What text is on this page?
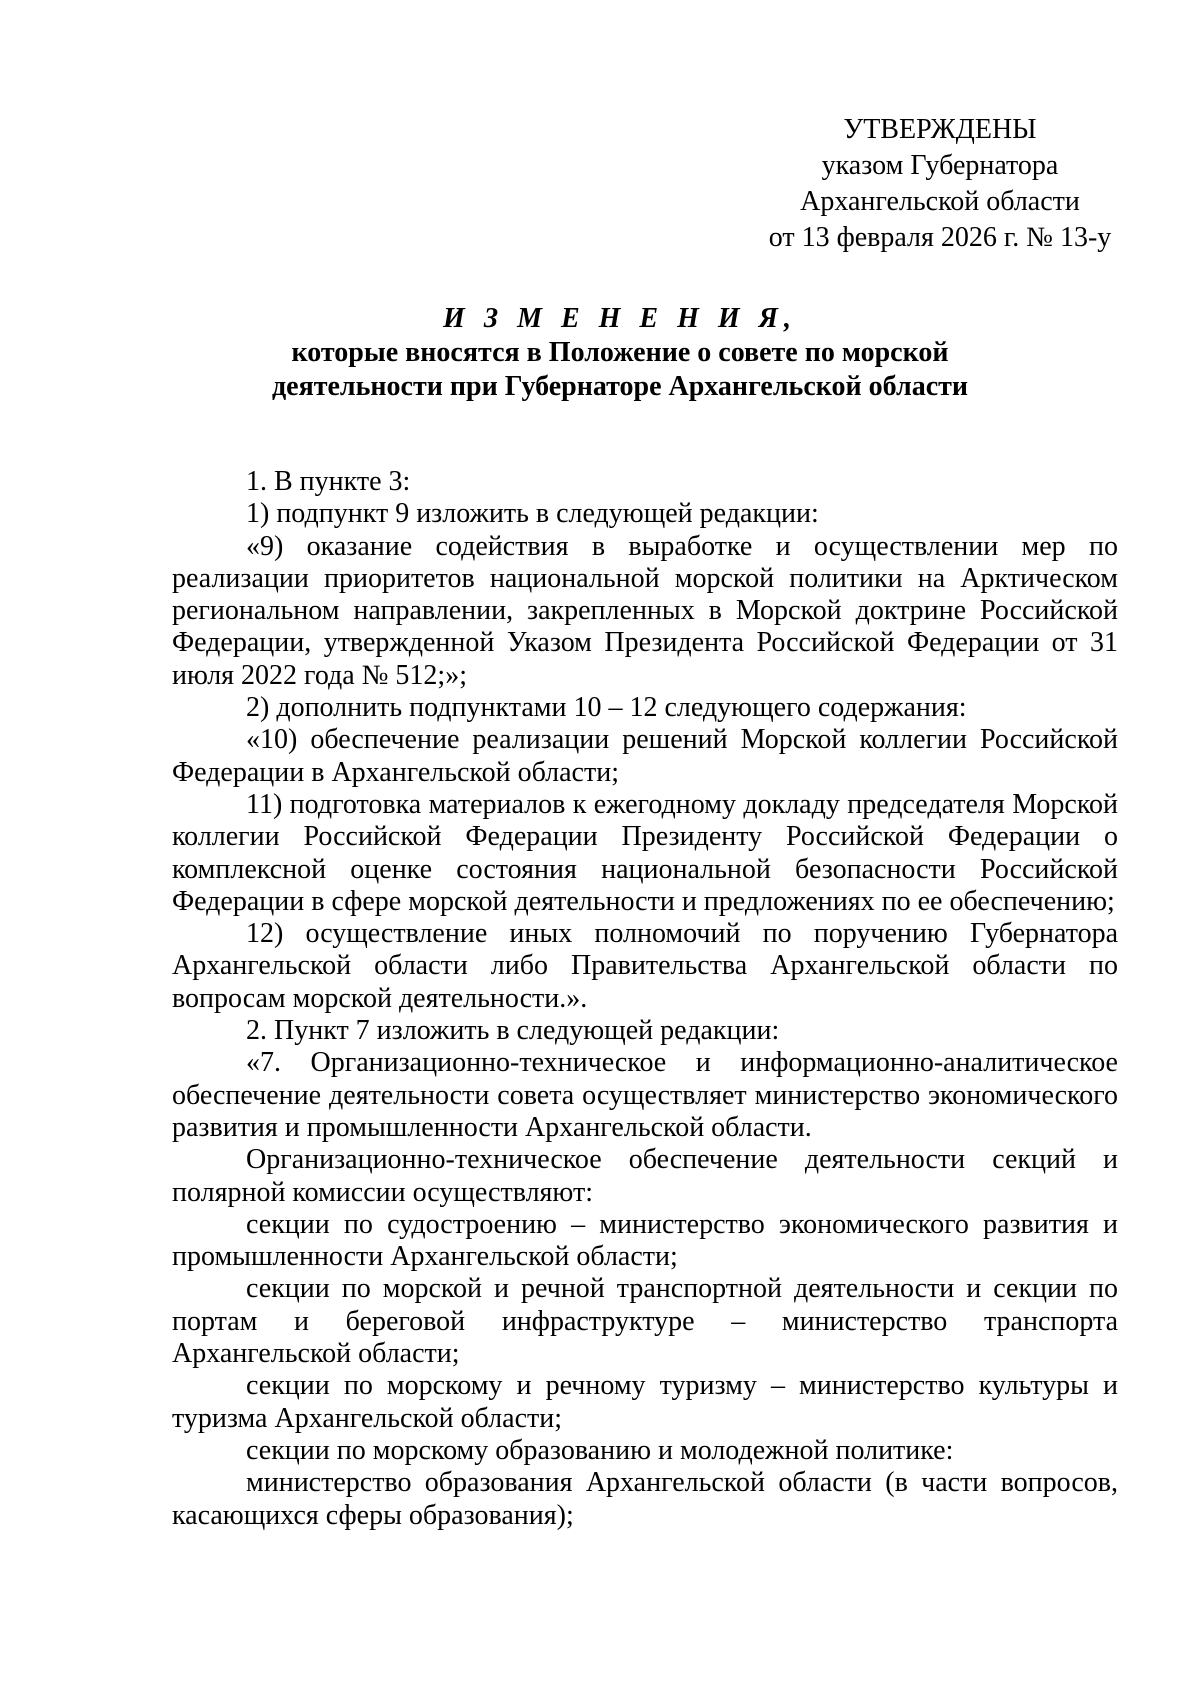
УТВЕРЖДЕНЫ
указом Губернатора
Архангельской области
от 13 февраля 2026 г. № 13-у
И З М Е Н Е Н И Я,
которые вносятся в Положение о совете по морской
деятельности при Губернаторе Архангельской области

1. В пункте 3:

1) подпункт 9 изложить в следующей редакции:

«9) оказание содействия в выработке и осуществлении мер по реализации приоритетов национальной морской политики на Арктическом региональном направлении, закрепленных в Морской доктрине Российской Федерации, утвержденной Указом Президента Российской Федерации от 31 июля 2022 года № 512;»;

2) дополнить подпунктами 10 – 12 следующего содержания:

«10) обеспечение реализации решений Морской коллегии Российской Федерации в Архангельской области;

11) подготовка материалов к ежегодному докладу председателя Морской коллегии Российской Федерации Президенту Российской Федерации о комплексной оценке состояния национальной безопасности Российской Федерации в сфере морской деятельности и предложениях по ее обеспечению;

12) осуществление иных полномочий по поручению Губернатора Архангельской области либо Правительства Архангельской области по вопросам морской деятельности.».

2. Пункт 7 изложить в следующей редакции:

«7. Организационно-техническое и информационно-аналитическое обеспечение деятельности совета осуществляет министерство экономического развития и промышленности Архангельской области.

Организационно-техническое обеспечение деятельности секций и полярной комиссии осуществляют:

секции по судостроению – министерство экономического развития и промышленности Архангельской области;

секции по морской и речной транспортной деятельности и секции по портам и береговой инфраструктуре – министерство транспорта Архангельской области;

секции по морскому и речному туризму – министерство культуры и туризма Архангельской области;

секции по морскому образованию и молодежной политике:

министерство образования Архангельской области (в части вопросов, касающихся сферы образования);
